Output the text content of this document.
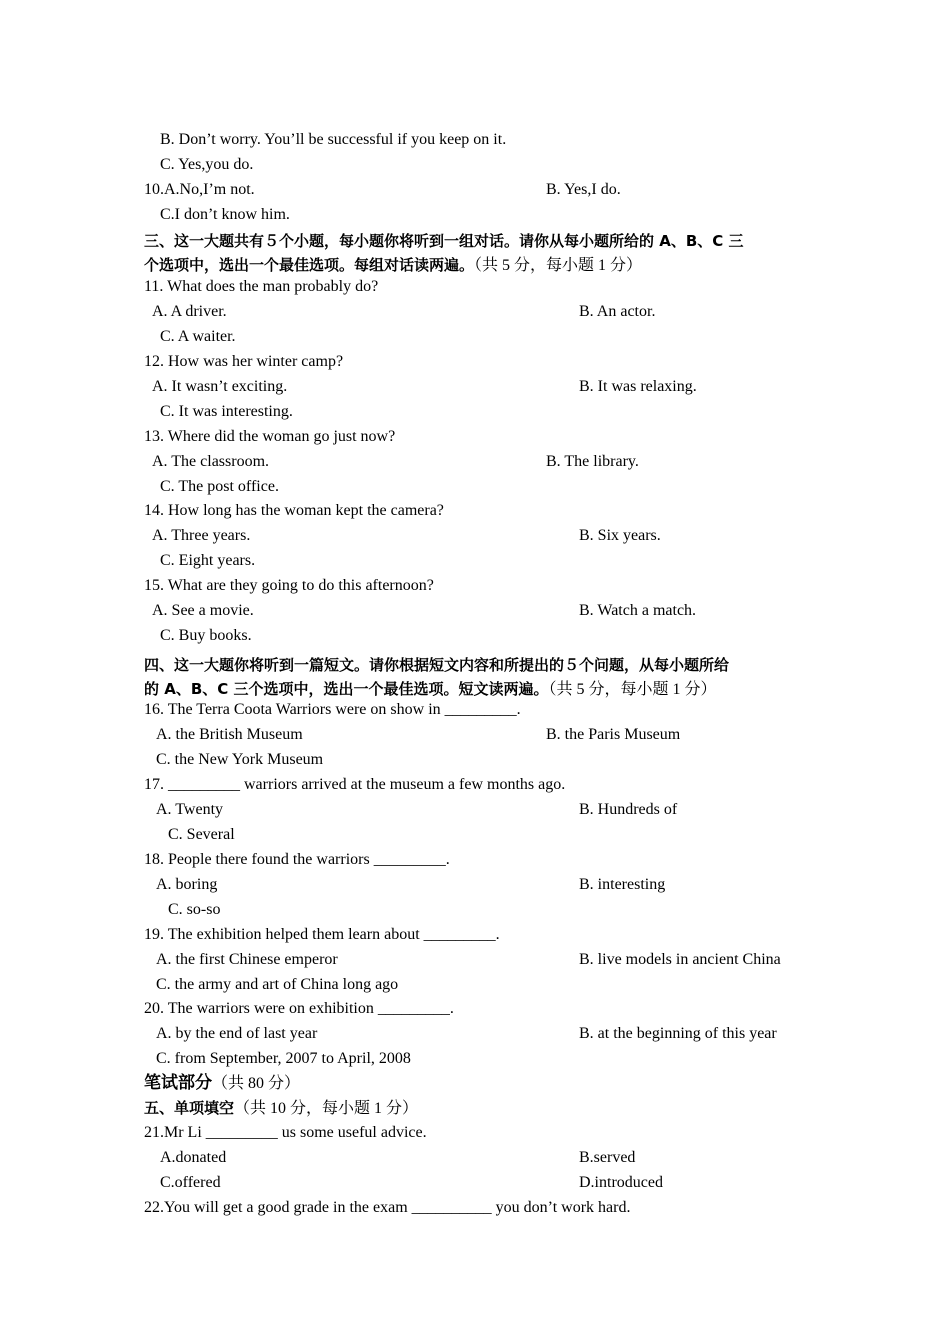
B. Don’t worry. You’ll be successful if you keep on it.
C. Yes,you do.
10.A.No,I’m not.	B. Yes,I do.
C.I don’t know him.
三、这一大题共有５个小题，每小题你将听到一组对话。请你从每小题所给的 A、B、C 三
个选项中，选出一个最佳选项。每组对话读两遍。（共 5 分，每小题 1 分）
11. What does the man probably do?
A. A driver.	B. An actor.
C. A waiter.
12. How was her winter camp?
A. It wasn’t exciting.	B. It was relaxing.
C. It was interesting.
13. Where did the woman go just now?
A. The classroom.	B. The library.
C. The post office.
14. How long has the woman kept the camera?
A. Three years.	B. Six years.
C. Eight years.
15. What are they going to do this afternoon?
A. See a movie.	B. Watch a match.
C. Buy books.
四、这一大题你将听到一篇短文。请你根据短文内容和所提出的５个问题，从每小题所给
的 A、B、C 三个选项中，选出一个最佳选项。短文读两遍。（共 5 分，每小题 1 分）
16. The Terra Coota Warriors were on show in _________.
A. the British Museum	B. the Paris Museum
C. the New York Museum
17. _________ warriors arrived at the museum a few months ago.
A. Twenty	B. Hundreds of
C. Several
18. People there found the warriors _________.
A. boring	B. interesting
C. so-so
19. The exhibition helped them learn about _________.
A. the first Chinese emperor	B. live models in ancient China
C. the army and art of China long ago
20. The warriors were on exhibition _________.
A. by the end of last year	B. at the beginning of this year
C. from September, 2007 to April, 2008
笔试部分（共 80 分）
五、单项填空（共 10 分，每小题 1 分）
21.Mr Li _________ us some useful advice.
A.donated	B.served
C.offered	D.introduced
22.You will get a good grade in the exam __________ you don’t work hard.
